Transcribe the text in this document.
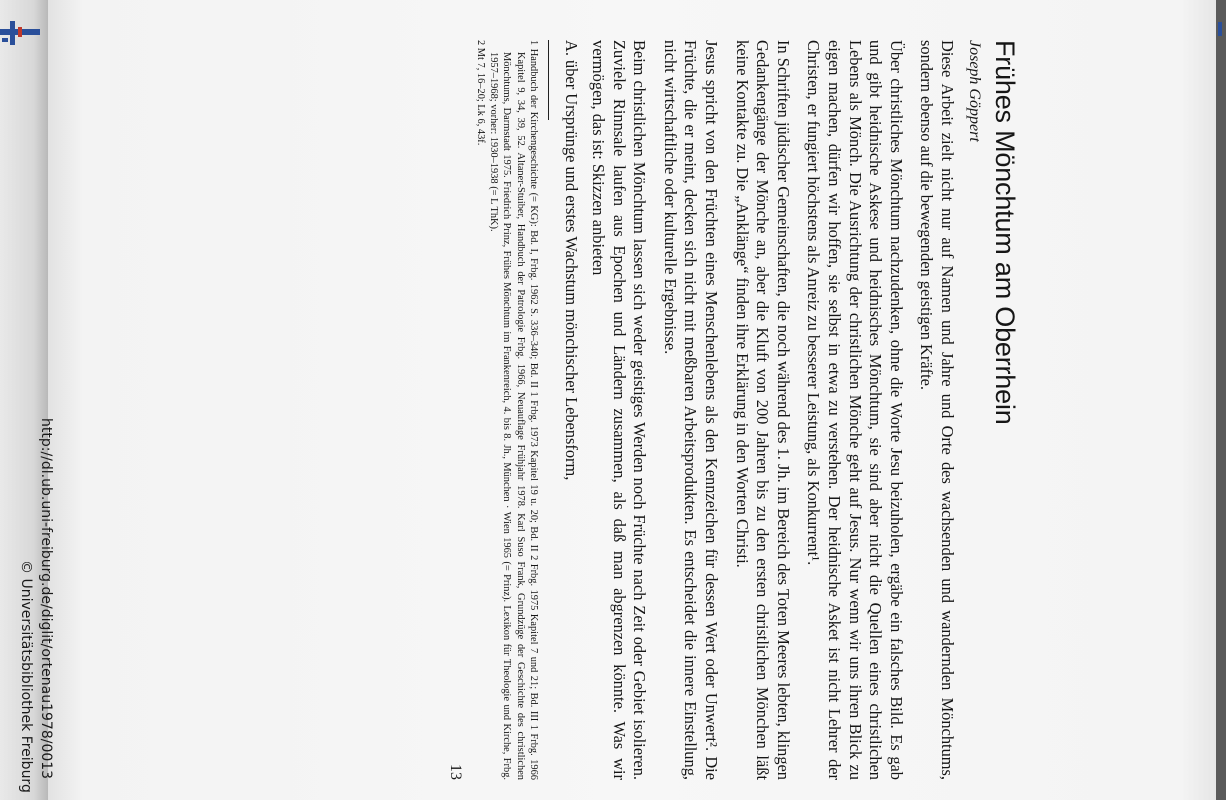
http://dl.ub.uni-freiburg.de/diglit/ortenau1978/0013
© Universitätsbibliothek Freiburg
Frühes Mönchtum am Oberrhein
Joseph Göppert

Diese Arbeit zielt nicht nur auf Namen und Jahre und Orte des wachsenden und wandernden Mönchtums, sondern ebenso auf die bewegenden geistigen Kräfte.

Über christliches Mönchtum nachzudenken, ohne die Worte Jesu beizuholen, ergäbe ein falsches Bild. Es gab und gibt heidnische Askese und heidnisches Mönchtum, sie sind aber nicht die Quellen eines christlichen Lebens als Mönch. Die Ausrichtung der christlichen Mönche geht auf Jesus. Nur wenn wir uns ihren Blick zu eigen machen, dürfen wir hoffen, sie selbst in etwa zu verstehen. Der heidnische Asket ist nicht Lehrer der Christen, er fungiert höchstens als Anreiz zu besserer Leistung, als Konkurrent¹.

In Schriften jüdischer Gemeinschaften, die noch während des 1. Jh. im Bereich des Toten Meeres lebten, klingen Gedankengänge der Mönche an, aber die Kluft von 200 Jahren bis zu den ersten christlichen Mönchen läßt keine Kontakte zu. Die „Anklänge“ finden ihre Erklärung in den Worten Christi.

Jesus spricht von den Früchten eines Menschenlebens als den Kennzeichen für dessen Wert oder Unwert². Die Früchte, die er meint, decken sich nicht mit meßbaren Arbeitsprodukten. Es entscheidet die innere Einstellung, nicht wirtschaftliche oder kulturelle Ergebnisse.

Beim christlichen Mönchtum lassen sich weder geistiges Werden noch Früchte nach Zeit oder Gebiet isolieren. Zuviele Rinnsale laufen aus Epochen und Ländern zusammen, als daß man abgrenzen könnte. Was wir vermögen, das ist: Skizzen anbieten

A. über Ursprünge und erstes Wachstum mönchischer Lebensform,

1 Handbuch der Kirchengeschichte (= KG): Bd. I, Frbg. 1962 S. 336–340; Bd. II 1 Frbg. 1973 Kapitel 19 u. 20; Bd. II 2 Frbg. 1975 Kapitel 7 und 21; Bd. III 1 Frbg. 1966 Kapitel 9, 34, 39, 52. Altaner-Stuiber, Handbuch der Patrologie Frbg. 1966, Neuauflage Frühjahr 1978. Karl Suso Frank, Grundzüge der Geschichte des christlichen Mönchtums, Darmstadt 1975. Friedrich Prinz, Frühes Mönchtum im Frankenreich, 4. bis 8. Jh., München · Wien 1965 (= Prinz). Lexikon für Theologie und Kirche, Frbg. 1957–1968; vorher: 1930–1938 (= L ThK).

2 Mt 7, 16–20; Lk 6, 43f.

13
